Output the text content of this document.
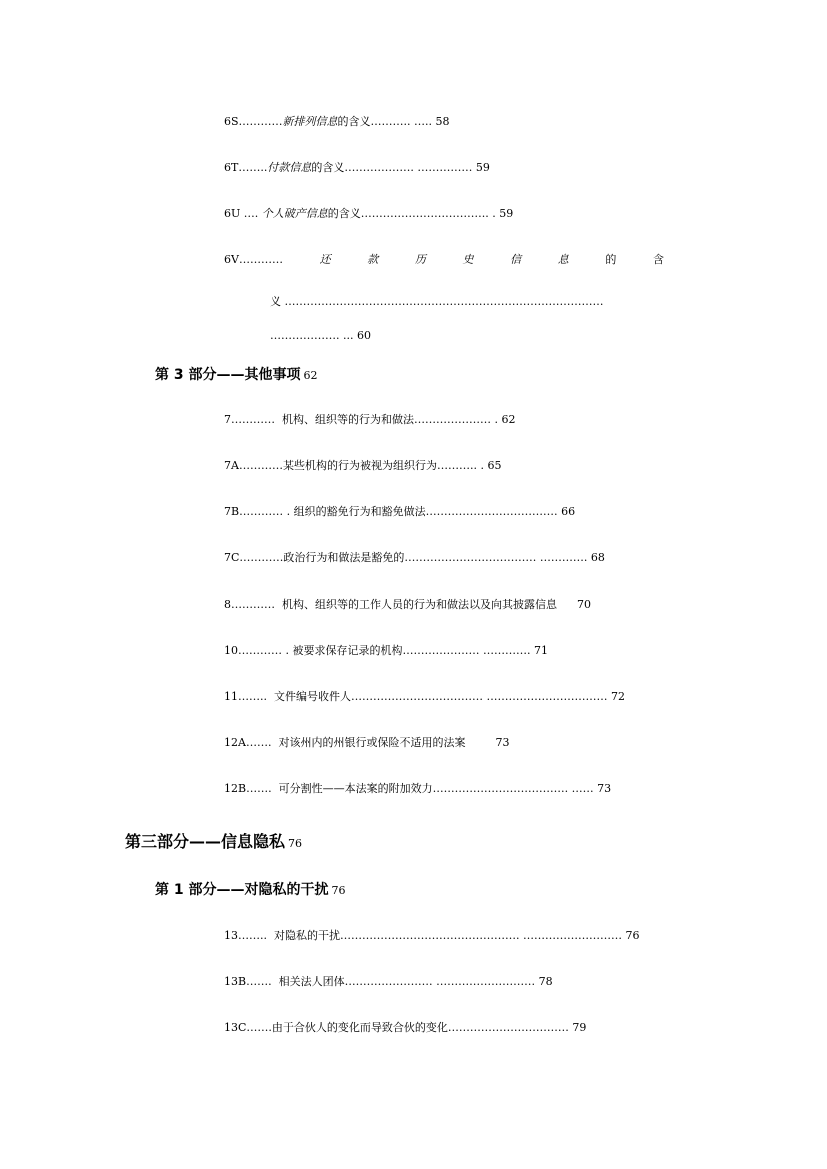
6S…………新排列信息的含义……….. ….. 58
6T……..付款信息的含义………………. …………… 59
6U …. 个人破产信息的含义…………………………….. . 59
6V…………	还	款	历	史	信	息	的	含
义 ……………………………………………………………………………
………………. ... 60
第 3 部分——其他事项 62
7………… 机构、组织等的行为和做法………………… . 62
7A…………某些机构的行为被视为组织行为……….. . 65
7B………… . 组织的豁免行为和豁免做法……………………………… 66
7C…………政治行为和做法是豁免的……………………………… …………. 68
8………… 机构、组织等的工作人员的行为和做法以及向其披露信息 70
10………… . 被要求保存记录的机构………………… …………. 71
11……..  文件编号收件人……………………………… …………………………… 72
12A…….  对该州内的州银行或保险不适用的法案	73
12B…….  可分割性——本法案的附加效力………………………………. …… 73
第三部分——信息隐私 76
第 1 部分——对隐私的干扰 76
13……..  对隐私的干扰…………………………………………. ……………………… 76
13B…….  相关法人团体…………………… ……………………… 78
13C…….由于合伙人的变化而导致合伙的变化…………………………… 79
